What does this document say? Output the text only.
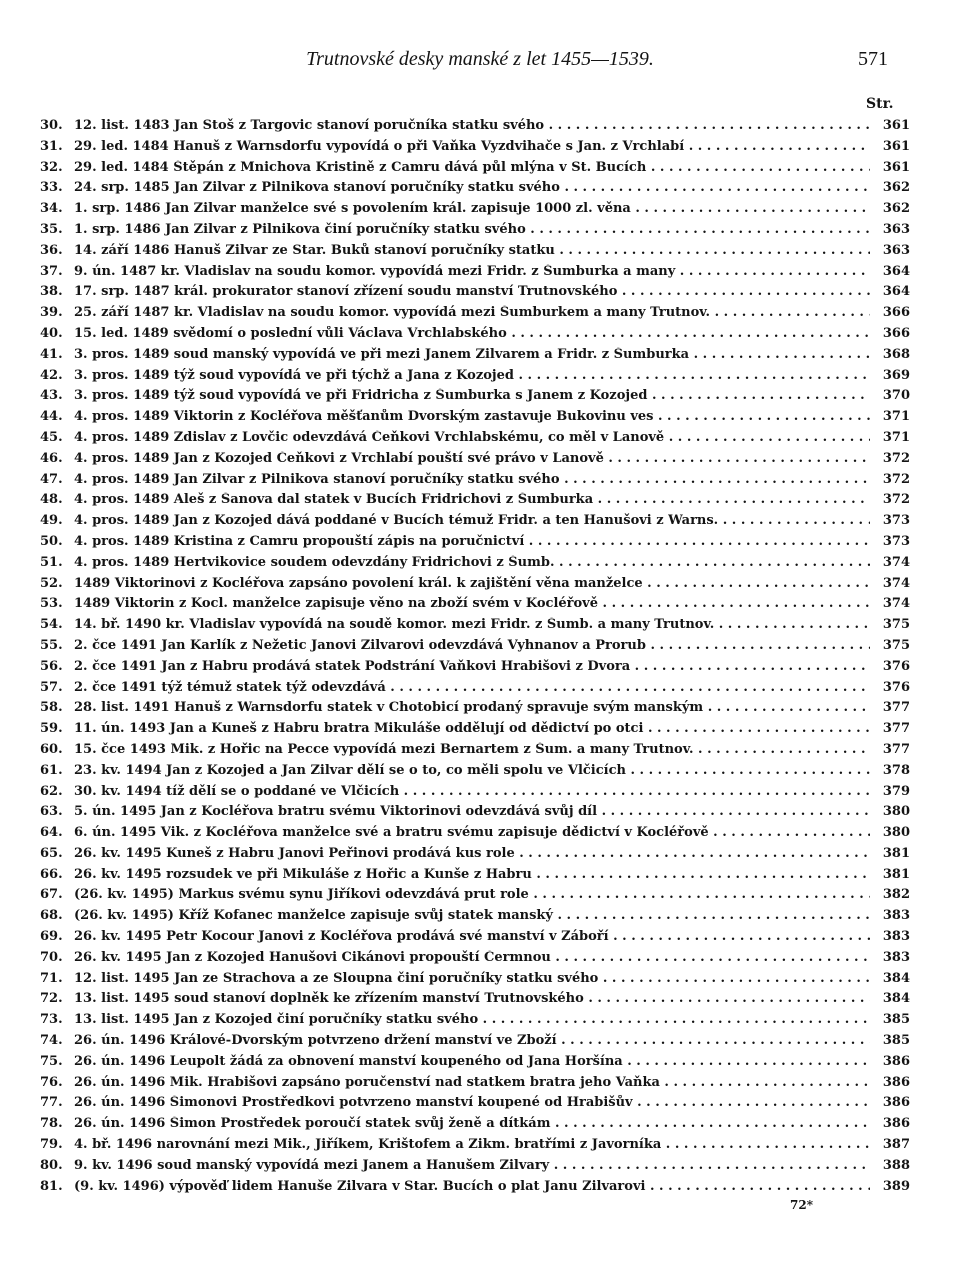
Trutnovské desky manské z let 1455—1539.	571
Str.
30. 12. list. 1483 Jan Stoš z Targovic stanoví poručníka statku svého . . .	361
31. 29. led. 1484 Hanuš z Warnsdorfu vypovídá o při Vaňka Vyzdvihače s Jan. z Vrchlabí . . .	361
32. 29. led. 1484 Štěpán z Mnichova Kristině z Camru dává půl mlýna v St. Bucích . . .	361
33. 24. srp. 1485 Jan Zilvar z Pilnikova stanoví poručníky statku svého . . .	362
34. 1. srp. 1486 Jan Zilvar manželce své s povolením král. zapisuje 1000 zl. věna . . .	362
35. 1. srp. 1486 Jan Zilvar z Pilnikova činí poručníky statku svého . . .	363
36. 14. září 1486 Hanuš Zilvar ze Star. Buků stanoví poručníky statku . . .	363
37. 9. ún. 1487 kr. Vladislav na soudu komor. vypovídá mezi Fridr. z Šumburka a many . . .	364
38. 17. srp. 1487 král. prokurator stanoví zřízení soudu manství Trutnovského . . .	364
39. 25. září 1487 kr. Vladislav na soudu komor. vypovídá mezi Šumburkem a many Trutnov. . . .	366
40. 15. led. 1489 svědomí o poslední vůli Václava Vrchlabského . . .	366
41. 3. pros. 1489 soud manský vypovídá ve při mezi Janem Zilvarem a Fridr. z Šumburka . . .	368
42. 3. pros. 1489 týž soud vypovídá ve při týchž a Jana z Kozojed . . .	369
43. 3. pros. 1489 týž soud vypovídá ve při Fridricha z Šumburka s Janem z Kozojed . . .	370
44. 4. pros. 1489 Viktorin z Kocléřova měšťanům Dvorským zastavuje Bukovinu ves . . .	371
45. 4. pros. 1489 Zdislav z Lovčic odevzdává Čeňkovi Vrchlabskému, co měl v Lanově . . .	371
46. 4. pros. 1489 Jan z Kozojed Čeňkovi z Vrchlabí pouští své právo v Lanově . . .	372
47. 4. pros. 1489 Jan Zilvar z Pilnikova stanoví poručníky statku svého . . .	372
48. 4. pros. 1489 Aleš z Šanova dal statek v Bucích Fridrichovi z Šumburka . . .	372
49. 4. pros. 1489 Jan z Kozojed dává poddané v Bucích témuž Fridr. a ten Hanušovi z Warns. . . .	373
50. 4. pros. 1489 Kristina z Camru propouští zápis na poručnictví . . .	373
51. 4. pros. 1489 Hertvikovice soudem odevzdány Fridrichovi z Šumb. . . .	374
52. 1489 Viktorinovi z Kocléřova zapsáno povolení král. k zajištění věna manželce . . .	374
53. 1489 Viktorin z Kocl. manželce zapisuje věno na zboží svém v Kocléřově . . .	374
54. 14. bř. 1490 kr. Vladislav vypovídá na soudě komor. mezi Fridr. z Šumb. a many Trutnov. . . .	375
55. 2. čce 1491 Jan Karlík z Nežetic Janovi Zilvarovi odevzdává Vyhnanov a Prorub . . .	375
56. 2. čce 1491 Jan z Habru prodává statek Podstrání Vaňkovi Hrabišovi z Dvora . . .	376
57. 2. čce 1491 týž témuž statek týž odevzdává . . .	376
58. 28. list. 1491 Hanuš z Warnsdorfu statek v Chotobicí prodaný spravuje svým manským . . .	377
59. 11. ún. 1493 Jan a Kuneš z Habru bratra Mikuláše oddělují od dědictví po otci . . .	377
60. 15. čce 1493 Mik. z Hořic na Pecce vypovídá mezi Bernartem z Šum. a many Trutnov. . . .	377
61. 23. kv. 1494 Jan z Kozojed a Jan Zilvar dělí se o to, co měli spolu ve Vlčicích . . .	378
62. 30. kv. 1494 tíž dělí se o poddané ve Vlčicích . . .	379
63. 5. ún. 1495 Jan z Kocléřova bratru svému Viktorinovi odevzdává svůj díl . . .	380
64. 6. ún. 1495 Vik. z Kocléřova manželce své a bratru svému zapisuje dědictví v Kocléřově . . .	380
65. 26. kv. 1495 Kuneš z Habru Janovi Peřinovi prodává kus role . . .	381
66. 26. kv. 1495 rozsudek ve při Mikuláše z Hořic a Kunše z Habru . . .	381
67. (26. kv. 1495) Markus svému synu Jiříkovi odevzdává prut role . . .	382
68. (26. kv. 1495) Kříž Kofanec manželce zapisuje svůj statek manský . . .	383
69. 26. kv. 1495 Petr Kocour Janovi z Kocléřova prodává své manství v Záboří . . .	383
70. 26. kv. 1495 Jan z Kozojed Hanušovi Cikánovi propouští Čermnou . . .	383
71. 12. list. 1495 Jan ze Strachova a ze Sloupna činí poručníky statku svého . . .	384
72. 13. list. 1495 soud stanoví doplněk ke zřízením manství Trutnovského . . .	384
73. 13. list. 1495 Jan z Kozojed činí poručníky statku svého . . .	385
74. 26. ún. 1496 Králové-Dvorským potvrzeno držení manství ve Zboží . . .	385
75. 26. ún. 1496 Leupolt žádá za obnovení manství koupeného od Jana Horšína . . .	386
76. 26. ún. 1496 Mik. Hrabišovi zapsáno poručenství nad statkem bratra jeho Vaňka . . .	386
77. 26. ún. 1496 Šimonovi Prostředkovi potvrzeno manství koupené od Hrabišův . . .	386
78. 26. ún. 1496 Šimon Prostředek poroučí statek svůj ženě a dítkám . . .	386
79. 4. bř. 1496 narovnání mezi Mik., Jiříkem, Krištofem a Zikm. bratřími z Javorníka . . .	387
80. 9. kv. 1496 soud manský vypovídá mezi Janem a Hanušem Zilvary . . .	388
81. (9. kv. 1496) výpověď lidem Hanuše Zilvara v Star. Bucích o plat Janu Zilvarovi . . .	389
72*
